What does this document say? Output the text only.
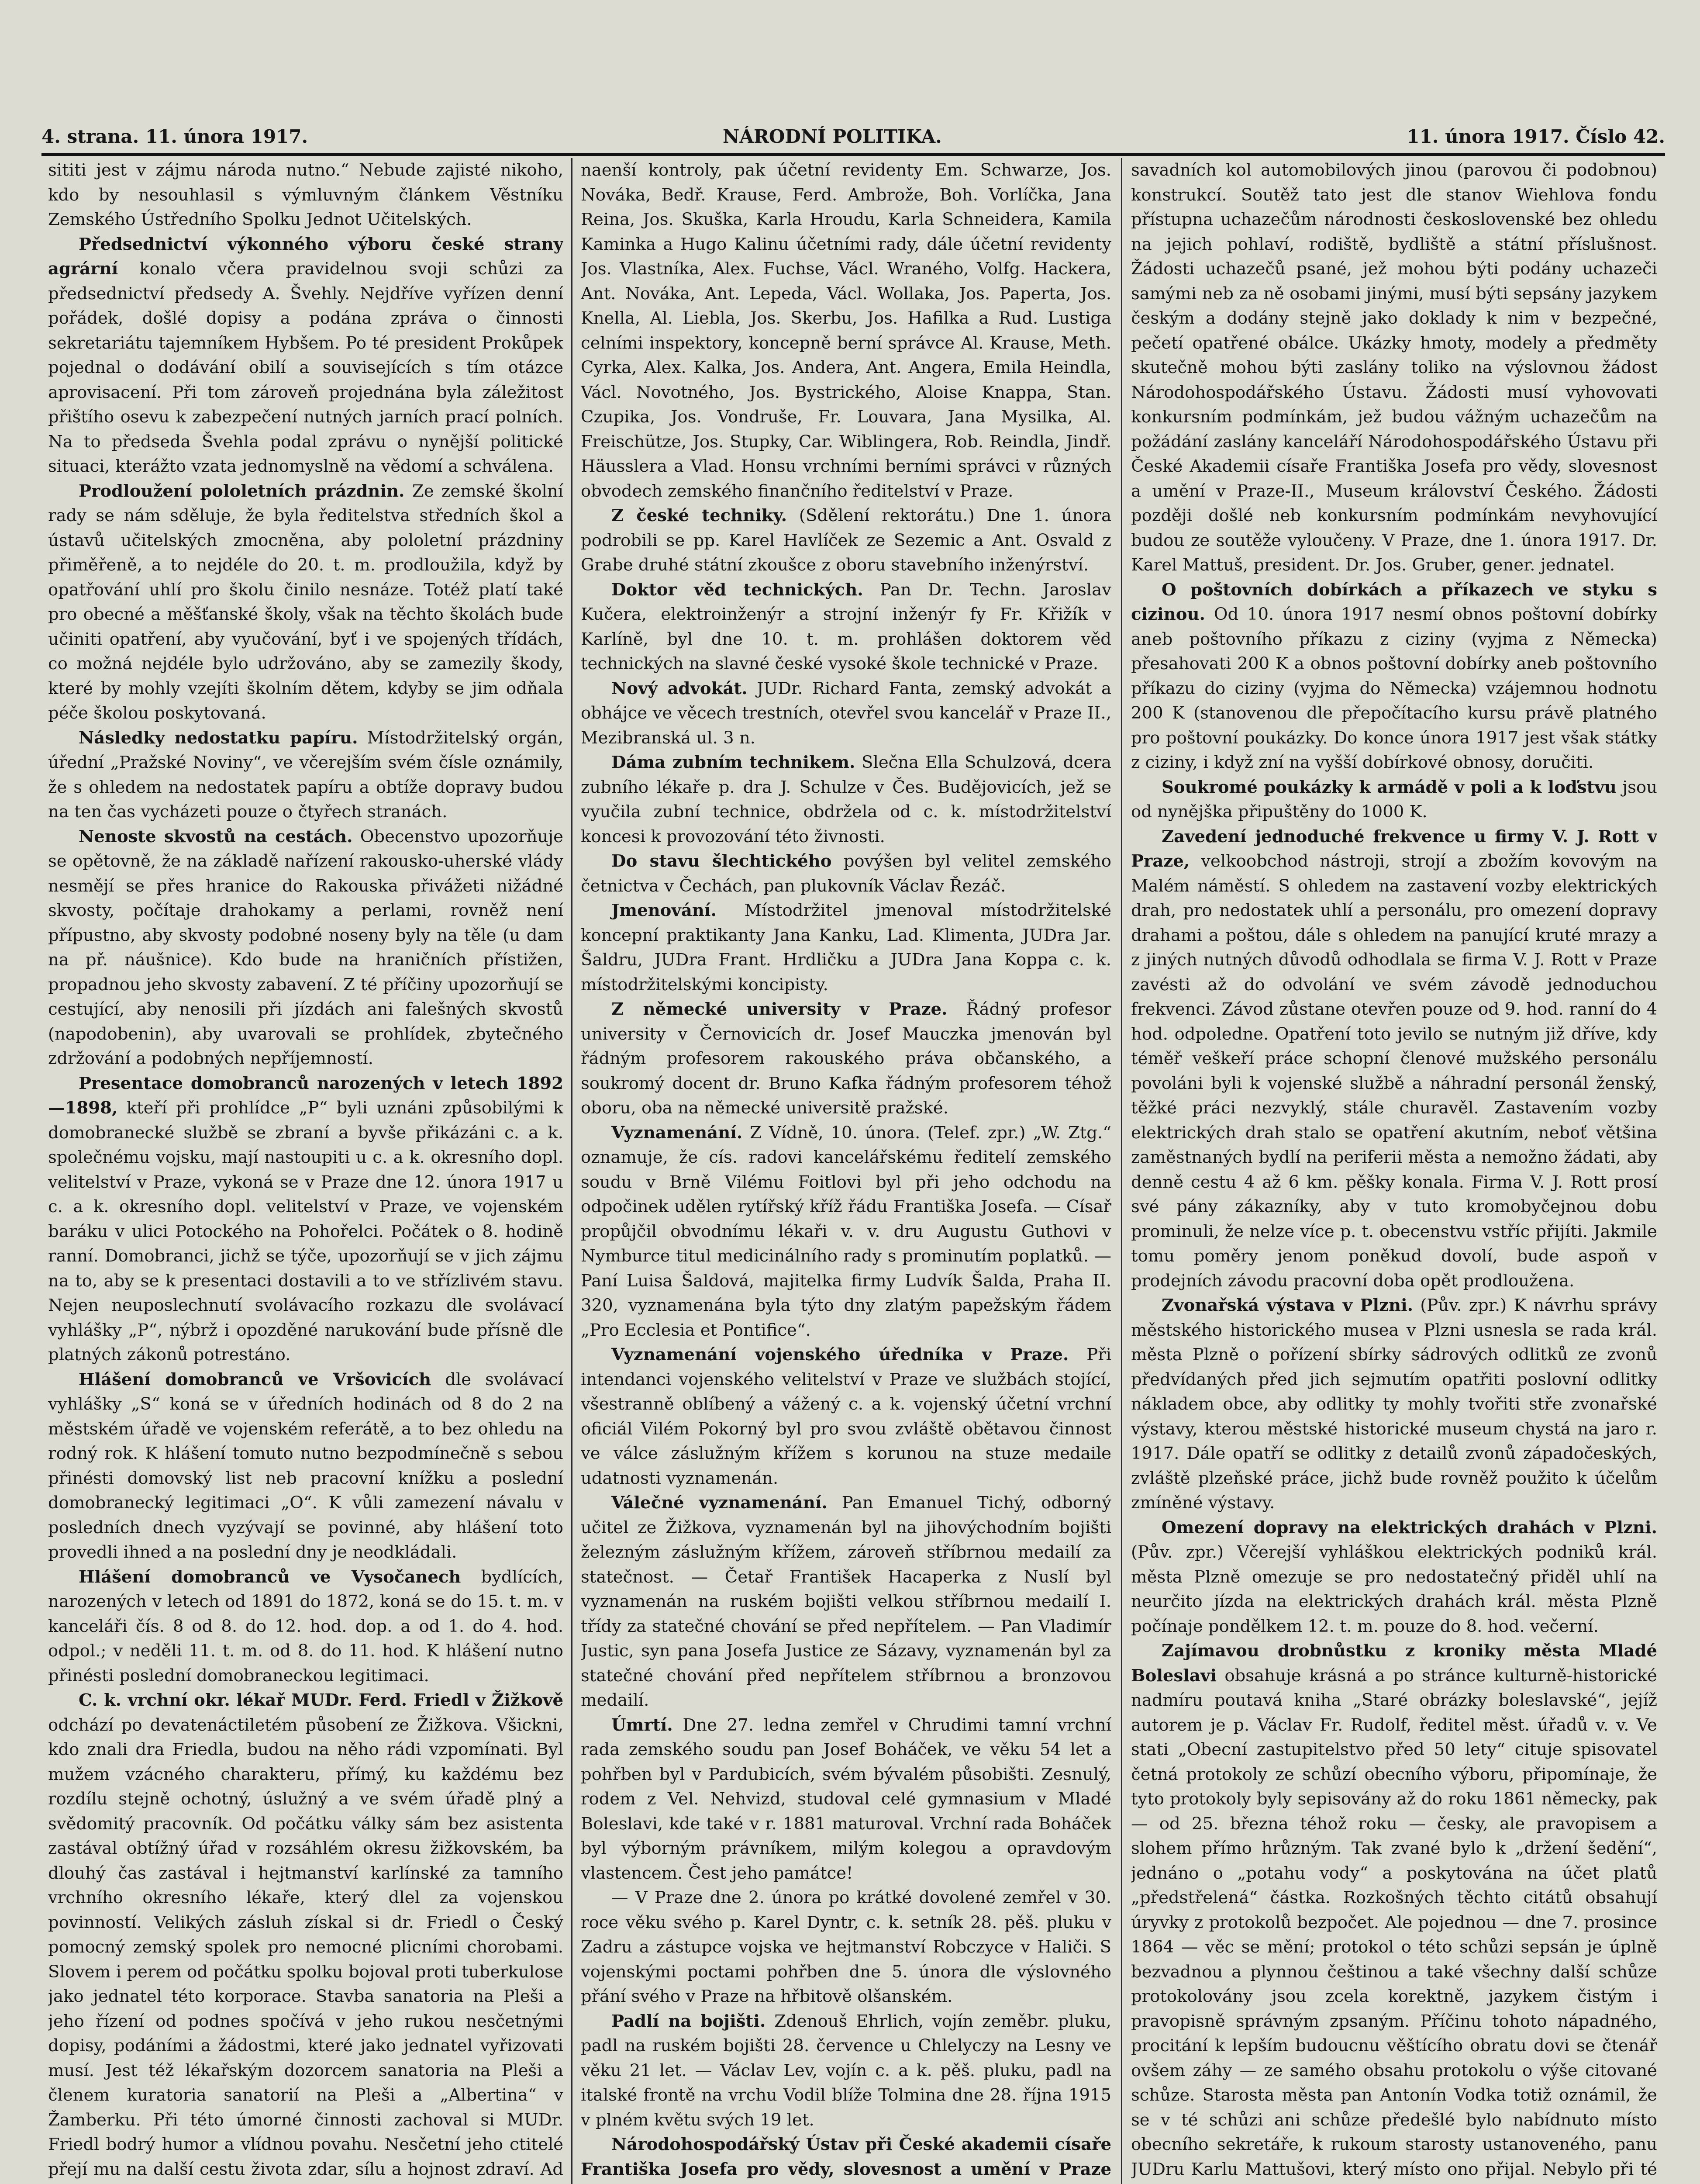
4. strana. 11. února 1917.	NÁRODNÍ POLITIKA.	11. února 1917. Číslo 42.

sititi jest v zájmu národa nutno.“ Nebude zajisté nikoho, kdo by nesouhlasil s výmluvným článkem Věstníku Zemského Ústředního Spolku Jednot Učitelských.

Předsednictví výkonného výboru české strany agrární konalo včera pravidelnou svoji schůzi za předsednictví předsedy A. Švehly. Nejdříve vyřízen denní pořádek, došlé dopisy a podána zpráva o činnosti sekretariátu tajemníkem Hybšem. Po té president Prokůpek pojednal o dodávání obilí a souvisejících s tím otázce aprovisacení. Při tom zároveň projednána byla záležitost přištího osevu k zabezpečení nutných jarních prací polních. Na to předseda Švehla podal zprávu o nynější politické situaci, kterážto vzata jednomyslně na vědomí a schválena.

Prodloužení pololetních prázdnin. Ze zemské školní rady se nám sděluje, že byla ředitelstva středních škol a ústavů učitelských zmocněna, aby pololetní prázdniny přiměřeně, a to nejdéle do 20. t. m. prodloužila, když by opatřování uhlí pro školu činilo nesnáze. Totéž platí také pro obecné a měšťanské školy, však na těchto školách bude učiniti opatření, aby vyučování, byť i ve spojených třídách, co možná nejdéle bylo udržováno, aby se zamezily škody, které by mohly vzejíti školním dětem, kdyby se jim odňala péče školou poskytovaná.

Následky nedostatku papíru. Místodržitelský orgán, úřední „Pražské Noviny“, ve včerejším svém čísle oznámily, že s ohledem na nedostatek papíru a obtíže dopravy budou na ten čas vycházeti pouze o čtyřech stranách.

Nenoste skvostů na cestách. Obecenstvo upozorňuje se opětovně, že na základě nařízení rakousko-uherské vlády nesmějí se přes hranice do Rakouska přivážeti nižádné skvosty, počítaje drahokamy a perlami, rovněž není přípustno, aby skvosty podobné noseny byly na těle (u dam na př. náušnice). Kdo bude na hraničních přístižen, propadnou jeho skvosty zabavení. Z té příčiny upozorňují se cestující, aby nenosili při jízdách ani falešných skvostů (napodobenin), aby uvarovali se prohlídek, zbytečného zdržování a podobných nepříjemností.

Presentace domobranců narozených v letech 1892—1898, kteří při prohlídce „P“ byli uznáni způsobilými k domobranecké službě se zbraní a byvše přikázáni c. a k. společnému vojsku, mají nastoupiti u c. a k. okresního dopl. velitelství v Praze, vykoná se v Praze dne 12. února 1917 u c. a k. okresního dopl. velitelství v Praze, ve vojenském baráku v ulici Potockého na Pohořelci. Počátek o 8. hodině ranní. Domobranci, jichž se týče, upozorňují se v jich zájmu na to, aby se k presentaci dostavili a to ve střízlivém stavu. Nejen neuposlechnutí svolávacího rozkazu dle svolávací vyhlášky „P“, nýbrž i opozděné narukování bude přísně dle platných zákonů potrestáno.

Hlášení domobranců ve Vršovicích dle svolávací vyhlášky „S“ koná se v úředních hodinách od 8 do 2 na městském úřadě ve vojenském referátě, a to bez ohledu na rodný rok. K hlášení tomuto nutno bezpodmínečně s sebou přinésti domovský list neb pracovní knížku a poslední domobranecký legitimaci „O“. K vůli zamezení návalu v posledních dnech vyzývají se povinné, aby hlášení toto provedli ihned a na poslední dny je neodkládali.

Hlášení domobranců ve Vysočanech bydlících, narozených v letech od 1891 do 1872, koná se do 15. t. m. v kanceláři čís. 8 od 8. do 12. hod. dop. a od 1. do 4. hod. odpol.; v neděli 11. t. m. od 8. do 11. hod. K hlášení nutno přinésti poslední domobraneckou legitimaci.

C. k. vrchní okr. lékař MUDr. Ferd. Friedl v Žižkově odchází po devatenáctiletém působení ze Žižkova. Všickni, kdo znali dra Friedla, budou na něho rádi vzpomínati. Byl mužem vzácného charakteru, přímý, ku každému bez rozdílu stejně ochotný, úslužný a ve svém úřadě plný a svědomitý pracovník. Od počátku války sám bez asistenta zastával obtížný úřad v rozsáhlém okresu žižkovském, ba dlouhý čas zastával i hejtmanství karlínské za tamního vrchního okresního lékaře, který dlel za vojenskou povinností. Velikých zásluh získal si dr. Friedl o Český pomocný zemský spolek pro nemocné plicními chorobami. Slovem i perem od počátku spolku bojoval proti tuberkulose jako jednatel této korporace. Stavba sanatoria na Pleši a jeho řízení od podnes spočívá v jeho rukou nesčetnými dopisy, podáními a žádostmi, které jako jednatel vyřizovati musí. Jest též lékařským dozorcem sanatoria na Pleši a členem kuratoria sanatorií na Pleši a „Albertina“ v Žamberku. Při této úmorné činnosti zachoval si MUDr. Friedl bodrý humor a vlídnou povahu. Nesčetní jeho ctitelé přejí mu na další cestu života zdar, sílu a hojnost zdraví. Ad

naenší kontroly, pak účetní revidenty Em. Schwarze, Jos. Nováka, Bedř. Krause, Ferd. Ambrože, Boh. Vorlíčka, Jana Reina, Jos. Skuška, Karla Hroudu, Karla Schneidera, Kamila Kaminka a Hugo Kalinu účetními rady, dále účetní revidenty Jos. Vlastníka, Alex. Fuchse, Václ. Wraného, Volfg. Hackera, Ant. Nováka, Ant. Lepeda, Václ. Wollaka, Jos. Paperta, Jos. Knella, Al. Liebla, Jos. Skerbu, Jos. Hafilka a Rud. Lustiga celními inspektory, koncepně berní správce Al. Krause, Meth. Cyrka, Alex. Kalka, Jos. Andera, Ant. Angera, Emila Heindla, Václ. Novotného, Jos. Bystrického, Aloise Knappa, Stan. Czupika, Jos. Vondruše, Fr. Louvara, Jana Mysilka, Al. Freischütze, Jos. Stupky, Car. Wiblingera, Rob. Reindla, Jindř. Häusslera a Vlad. Honsu vrchními berními správci v různých obvodech zemského finančního ředitelství v Praze.

Z české techniky. (Sdělení rektorátu.) Dne 1. února podrobili se pp. Karel Havlíček ze Sezemic a Ant. Osvald z Grabe druhé státní zkoušce z oboru stavebního inženýrství.

Doktor věd technických. Pan Dr. Techn. Jaroslav Kučera, elektroinženýr a strojní inženýr fy Fr. Křižík v Karlíně, byl dne 10. t. m. prohlášen doktorem věd technických na slavné české vysoké škole technické v Praze.

Nový advokát. JUDr. Richard Fanta, zemský advokát a obhájce ve věcech trestních, otevřel svou kancelář v Praze II., Mezibranská ul. 3 n.

Dáma zubním technikem. Slečna Ella Schulzová, dcera zubního lékaře p. dra J. Schulze v Čes. Budějovicích, jež se vyučila zubní technice, obdržela od c. k. místodržitelství koncesi k provozování této živnosti.

Do stavu šlechtického povýšen byl velitel zemského četnictva v Čechách, pan plukovník Václav Řezáč.

Jmenování. Místodržitel jmenoval místodržitelské koncepní praktikanty Jana Kanku, Lad. Klimenta, JUDra Jar. Šaldru, JUDra Frant. Hrdličku a JUDra Jana Koppa c. k. místodržitelskými koncipisty.

Z německé university v Praze. Řádný profesor university v Černovicích dr. Josef Mauczka jmenován byl řádným profesorem rakouského práva občanského, a soukromý docent dr. Bruno Kafka řádným profesorem téhož oboru, oba na německé universitě pražské.

Vyznamenání. Z Vídně, 10. února. (Telef. zpr.) „W. Ztg.“ oznamuje, že cís. radovi kancelářskému ředitelí zemského soudu v Brně Vilému Foitlovi byl při jeho odchodu na odpočinek udělen rytířský kříž řádu Františka Josefa. — Císař propůjčil obvodnímu lékaři v. v. dru Augustu Guthovi v Nymburce titul medicinálního rady s prominutím poplatků. — Paní Luisa Šaldová, majitelka firmy Ludvík Šalda, Praha II. 320, vyznamenána byla týto dny zlatým papežským řádem „Pro Ecclesia et Pontifice“.

Vyznamenání vojenského úředníka v Praze. Při intendanci vojenského velitelství v Praze ve službách stojící, všestranně oblíbený a vážený c. a k. vojenský účetní vrchní oficiál Vilém Pokorný byl pro svou zvláště obětavou činnost ve válce záslužným křížem s korunou na stuze medaile udatnosti vyznamenán.

Válečné vyznamenání. Pan Emanuel Tichý, odborný učitel ze Žižkova, vyznamenán byl na jihovýchodním bojišti železným záslužným křížem, zároveň stříbrnou medailí za statečnost. — Četař František Hacaperka z Nuslí byl vyznamenán na ruském bojišti velkou stříbrnou medailí I. třídy za statečné chování se před nepřítelem. — Pan Vladimír Justic, syn pana Josefa Justice ze Sázavy, vyznamenán byl za statečné chování před nepřítelem stříbrnou a bronzovou medailí.

Úmrtí. Dne 27. ledna zemřel v Chrudimi tamní vrchní rada zemského soudu pan Josef Boháček, ve věku 54 let a pohřben byl v Pardubicích, svém bývalém působišti. Zesnulý, rodem z Vel. Nehvizd, studoval celé gymnasium v Mladé Boleslavi, kde také v r. 1881 maturoval. Vrchní rada Boháček byl výborným právníkem, milým kolegou a opravdovým vlastencem. Čest jeho památce!

— V Praze dne 2. února po krátké dovolené zemřel v 30. roce věku svého p. Karel Dyntr, c. k. setník 28. pěš. pluku v Zadru a zástupce vojska ve hejtmanství Robczyce v Haliči. S vojenskými poctami pohřben dne 5. února dle výslovného přání svého v Praze na hřbitově olšanském.

Padlí na bojišti. Zdenouš Ehrlich, vojín zeměbr. pluku, padl na ruském bojišti 28. července u Chlelyczy na Lesny ve věku 21 let. — Václav Lev, vojín c. a k. pěš. pluku, padl na italské frontě na vrchu Vodil blíže Tolmina dne 28. října 1915 v plném květu svých 19 let.

Národohospodářský Ústav při České akademii císaře Františka Josefa pro vědy, slovesnost a umění v Praze

savadních kol automobilových jinou (parovou či podobnou) konstrukcí. Soutěž tato jest dle stanov Wiehlova fondu přístupna uchazečům národnosti československé bez ohledu na jejich pohlaví, rodiště, bydliště a státní příslušnost. Žádosti uchazečů psané, jež mohou býti podány uchazeči samými neb za ně osobami jinými, musí býti sepsány jazykem českým a dodány stejně jako doklady k nim v bezpečné, pečetí opatřené obálce. Ukázky hmoty, modely a předměty skutečně mohou býti zaslány toliko na výslovnou žádost Národohospodářského Ústavu. Žádosti musí vyhovovati konkursním podmínkám, jež budou vážným uchazečům na požádání zaslány kanceláří Národohospodářského Ústavu při České Akademii císaře Františka Josefa pro vědy, slovesnost a umění v Praze-II., Museum království Českého. Žádosti později došlé neb konkursním podmínkám nevyhovující budou ze soutěže vyloučeny. V Praze, dne 1. února 1917. Dr. Karel Mattuš, president. Dr. Jos. Gruber, gener. jednatel.

O poštovních dobírkách a příkazech ve styku s cizinou. Od 10. února 1917 nesmí obnos poštovní dobírky aneb poštovního příkazu z ciziny (vyjma z Německa) přesahovati 200 K a obnos poštovní dobírky aneb poštovního příkazu do ciziny (vyjma do Německa) vzájemnou hodnotu 200 K (stanovenou dle přepočítacího kursu právě platného pro poštovní poukázky. Do konce února 1917 jest však státky z ciziny, i když zní na vyšší dobírkové obnosy, doručiti.

Soukromé poukázky k armádě v poli a k loďstvu jsou od nynějška připuštěny do 1000 K.

Zavedení jednoduché frekvence u firmy V. J. Rott v Praze, velkoobchod nástroji, strojí a zbožím kovovým na Malém náměstí. S ohledem na zastavení vozby elektrických drah, pro nedostatek uhlí a personálu, pro omezení dopravy drahami a poštou, dále s ohledem na panující kruté mrazy a z jiných nutných důvodů odhodlala se firma V. J. Rott v Praze zavésti až do odvolání ve svém závodě jednoduchou frekvenci. Závod zůstane otevřen pouze od 9. hod. ranní do 4 hod. odpoledne. Opatření toto jevilo se nutným již dříve, kdy téměř veškeří práce schopní členové mužského personálu povoláni byli k vojenské službě a náhradní personál ženský, těžké práci nezvyklý, stále churavěl. Zastavením vozby elektrických drah stalo se opatření akutním, neboť většina zaměstnaných bydlí na periferii města a nemožno žádati, aby denně cestu 4 až 6 km. pěšky konala. Firma V. J. Rott prosí své pány zákazníky, aby v tuto kromobyčejnou dobu prominuli, že nelze více p. t. obecenstvu vstříc přijíti. Jakmile tomu poměry jenom poněkud dovolí, bude aspoň v prodejních závodu pracovní doba opět prodloužena.

Zvonařská výstava v Plzni. (Pův. zpr.) K návrhu správy městského historického musea v Plzni usnesla se rada král. města Plzně o pořízení sbírky sádrových odlitků ze zvonů předvídaných před jich sejmutím opatřiti poslovní odlitky nákladem obce, aby odlitky ty mohly tvořiti stře zvonařské výstavy, kterou městské historické museum chystá na jaro r. 1917. Dále opatří se odlitky z detailů zvonů západočeských, zvláště plzeňské práce, jichž bude rovněž použito k účelům zmíněné výstavy.

Omezení dopravy na elektrických drahách v Plzni. (Pův. zpr.) Včerejší vyhláškou elektrických podniků král. města Plzně omezuje se pro nedostatečný přiděl uhlí na neurčito jízda na elektrických drahách král. města Plzně počínaje pondělkem 12. t. m. pouze do 8. hod. večerní.

Zajímavou drobnůstku z kroniky města Mladé Boleslavi obsahuje krásná a po stránce kulturně-historické nadmíru poutavá kniha „Staré obrázky boleslavské“, jejíž autorem je p. Václav Fr. Rudolf, ředitel měst. úřadů v. v. Ve stati „Obecní zastupitelstvo před 50 lety“ cituje spisovatel četná protokoly ze schůzí obecního výboru, připomínaje, že tyto protokoly byly sepisovány až do roku 1861 německy, pak — od 25. března téhož roku — česky, ale pravopisem a slohem přímo hrůzným. Tak zvané bylo k „držení šedění“, jednáno o „potahu vody“ a poskytována na účet platů „předstřelená“ částka. Rozkošných těchto citátů obsahují úryvky z protokolů bezpočet. Ale pojednou — dne 7. prosince 1864 — věc se mění; protokol o této schůzi sepsán je úplně bezvadnou a plynnou češtinou a také všechny další schůze protokolovány jsou zcela korektně, jazykem čistým i pravopisně správným zpsaným. Příčinu tohoto nápadného, procitání k lepším budoucnu věštícího obratu dovi se čtenář ovšem záhy — ze samého obsahu protokolu o výše citované schůze. Starosta města pan Antonín Vodka totiž oznámil, že se v té schůzi ani schůze předešlé bylo nabídnuto místo obecního sekretáře, k rukoum starosty ustanoveného, panu JUDru Karlu Mattušovi, který místo ono přijal. Nebylo při té
